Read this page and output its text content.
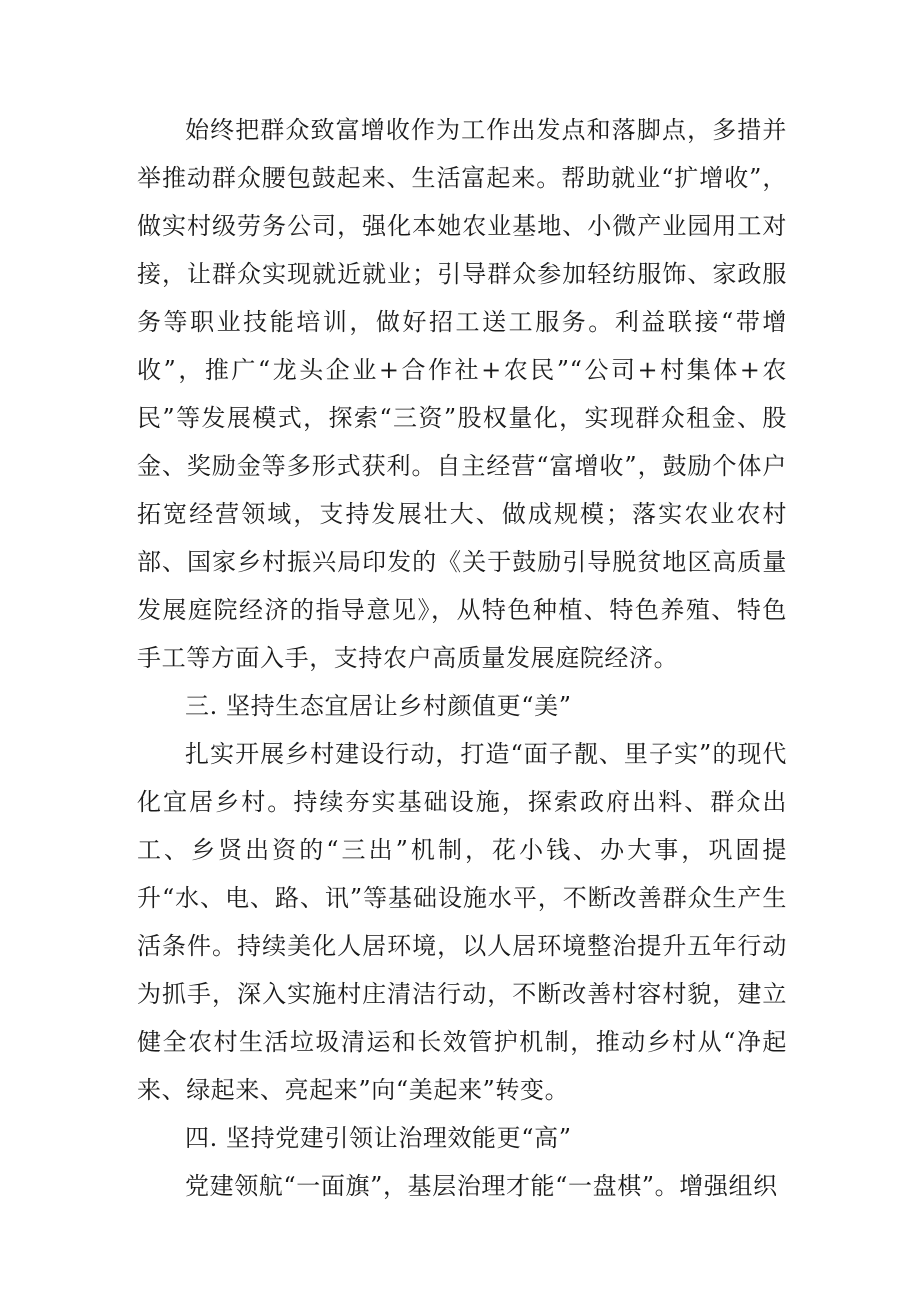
始终把群众致富增收作为工作出发点和落脚点，多措并举推动群众腰包鼓起来、生活富起来。帮助就业“扩增收”，做实村级劳务公司，强化本她农业基地、小微产业园用工对接，让群众实现就近就业；引导群众参加轻纺服饰、家政服务等职业技能培训，做好招工送工服务。利益联接“带增收”，推广“龙头企业+合作社+农民”“公司+村集体+农民”等发展模式，探索“三资”股权量化，实现群众租金、股金、奖励金等多形式获利。自主经营“富增收”，鼓励个体户拓宽经营领域，支持发展壮大、做成规模；落实农业农村部、国家乡村振兴局印发的《关于鼓励引导脱贫地区高质量发展庭院经济的指导意见》，从特色种植、特色养殖、特色手工等方面入手，支持农户高质量发展庭院经济。

三. 坚持生态宜居让乡村颜值更“美”

扎实开展乡村建设行动，打造“面子靓、里子实”的现代化宜居乡村。持续夯实基础设施，探索政府出料、群众出工、乡贤出资的“三出”机制，花小钱、办大事，巩固提升“水、电、路、讯”等基础设施水平，不断改善群众生产生活条件。持续美化人居环境，以人居环境整治提升五年行动为抓手，深入实施村庄清洁行动，不断改善村容村貌，建立健全农村生活垃圾清运和长效管护机制，推动乡村从“净起来、绿起来、亮起来”向“美起来”转变。

四. 坚持党建引领让治理效能更“高”

党建领航“一面旗”，基层治理才能“一盘棋”。增强组织
